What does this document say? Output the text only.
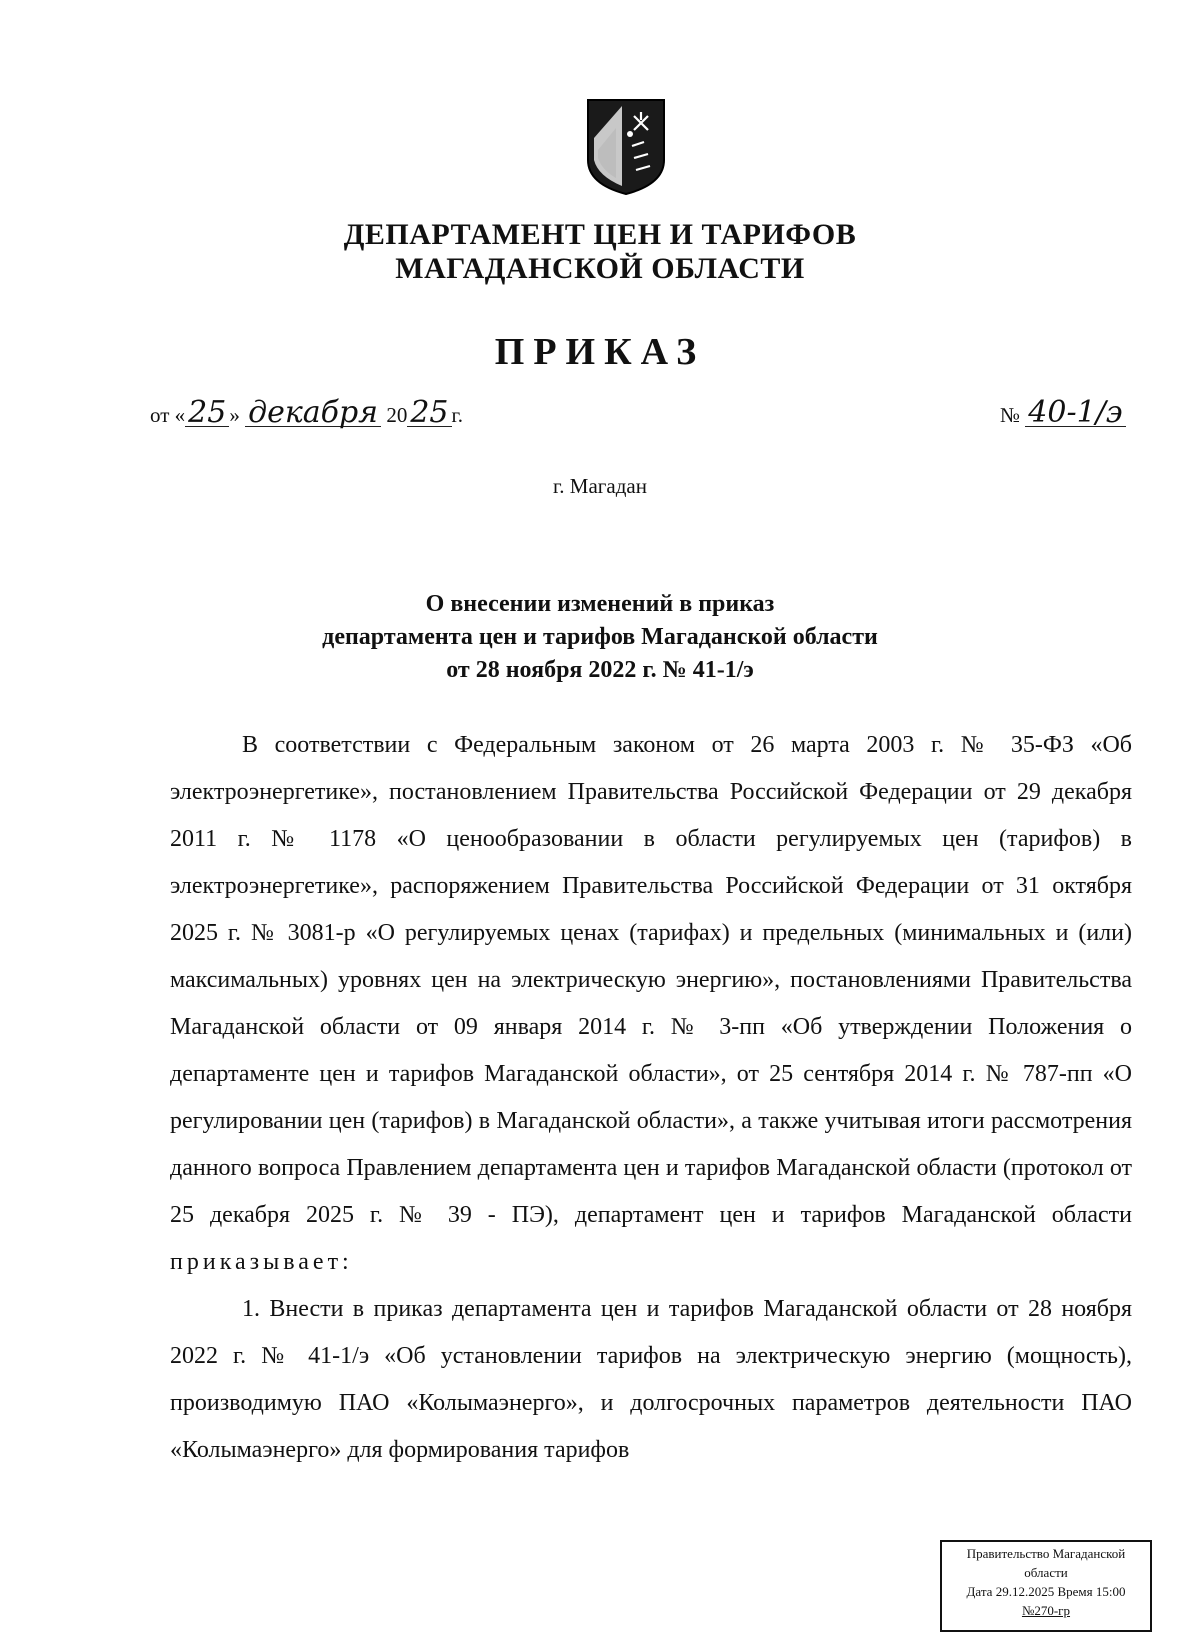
ДЕПАРТАМЕНТ ЦЕН И ТАРИФОВ
МАГАДАНСКОЙ ОБЛАСТИ
ПРИКАЗ
от « 25 » декабря 20 25 г.	№ 40-1/э
г. Магадан
О внесении изменений в приказ
департамента цен и тарифов Магаданской области
от 28 ноября 2022 г. № 41-1/э

В соответствии с Федеральным законом от 26 марта 2003 г. № 35-ФЗ «Об электроэнергетике», постановлением Правительства Российской Федерации от 29 декабря 2011 г. № 1178 «О ценообразовании в области регулируемых цен (тарифов) в электроэнергетике», распоряжением Правительства Российской Федерации от 31 октября 2025 г. № 3081-р «О регулируемых ценах (тарифах) и предельных (минимальных и (или) максимальных) уровнях цен на электрическую энергию», постановлениями Правительства Магаданской области от 09 января 2014 г. № 3-пп «Об утверждении Положения о департаменте цен и тарифов Магаданской области», от 25 сентября 2014 г. № 787-пп «О регулировании цен (тарифов) в Магаданской области», а также учитывая итоги рассмотрения данного вопроса Правлением департамента цен и тарифов Магаданской области (протокол от 25 декабря 2025 г. № 39 - ПЭ), департамент цен и тарифов Магаданской области приказывает:

1. Внести в приказ департамента цен и тарифов Магаданской области от 28 ноября 2022 г. № 41-1/э «Об установлении тарифов на электрическую энергию (мощность), производимую ПАО «Колымаэнерго», и долгосрочных параметров деятельности ПАО «Колымаэнерго» для формирования тарифов

Правительство Магаданской
области
Дата 29.12.2025 Время 15:00
№270-гр
